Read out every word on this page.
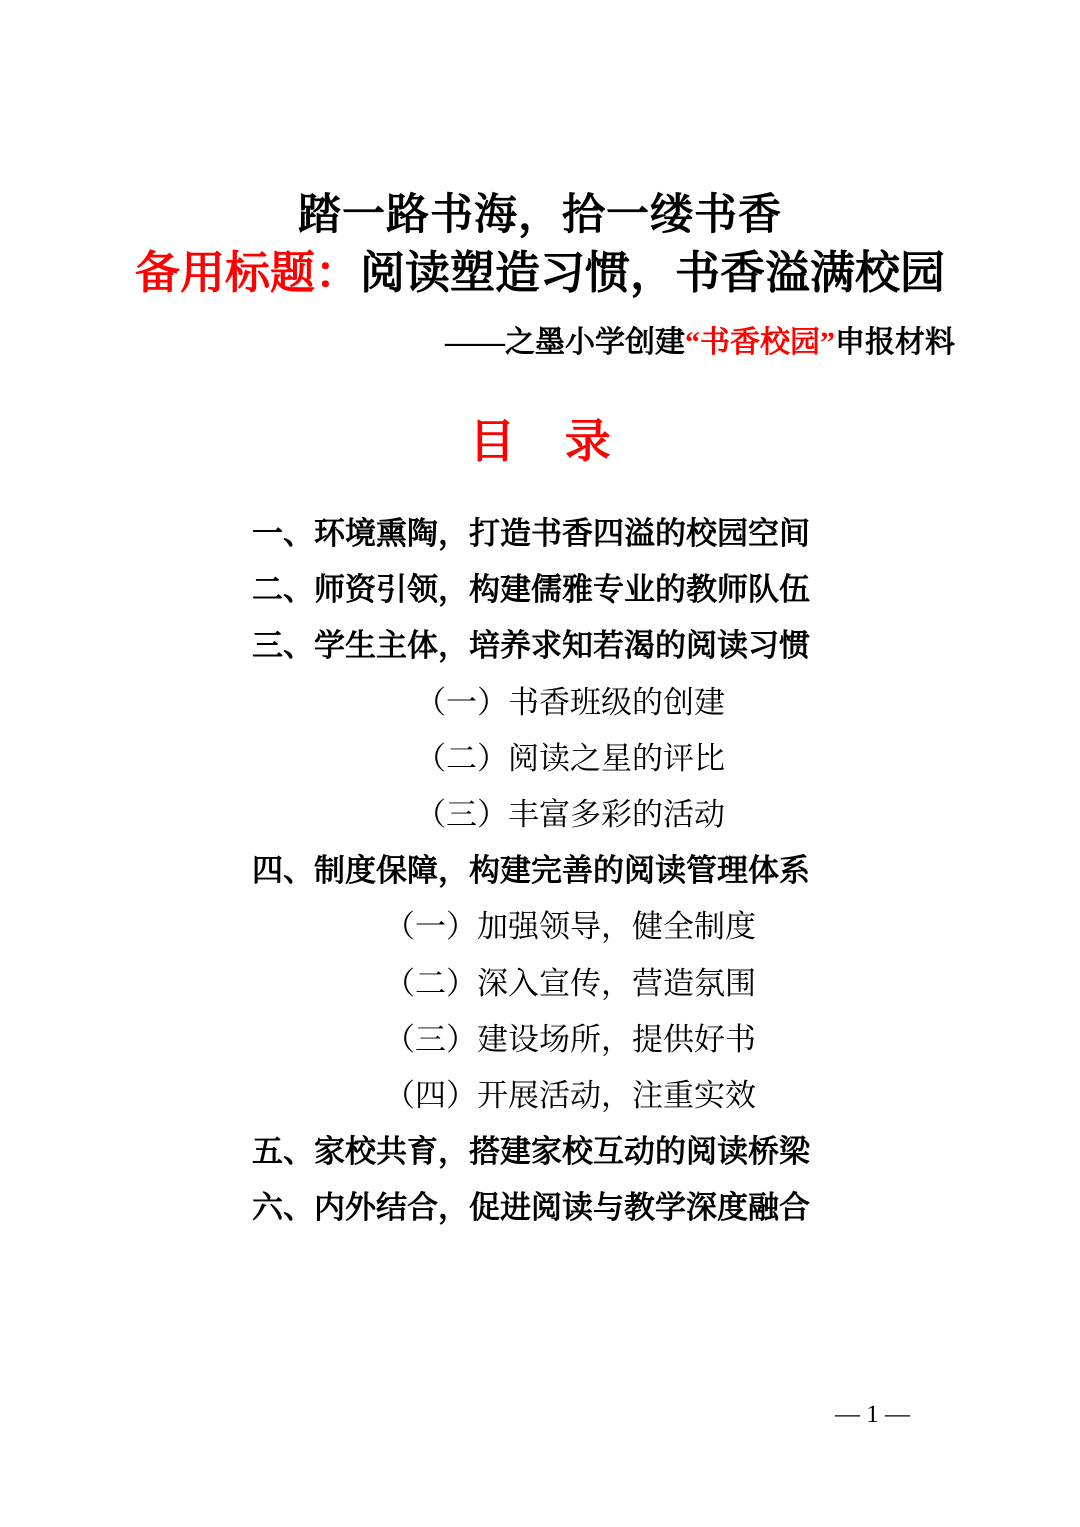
踏一路书海，拾一缕书香
备用标题：阅读塑造习惯，书香溢满校园

——之墨小学创建“书香校园”申报材料

目 录
一、环境熏陶，打造书香四溢的校园空间
二、师资引领，构建儒雅专业的教师队伍
三、学生主体，培养求知若渴的阅读习惯
（一）书香班级的创建
（二）阅读之星的评比
（三）丰富多彩的活动
四、制度保障，构建完善的阅读管理体系
（一）加强领导，健全制度
（二）深入宣传，营造氛围
（三）建设场所，提供好书
（四）开展活动，注重实效
五、家校共育，搭建家校互动的阅读桥梁
六、内外结合，促进阅读与教学深度融合
— 1 —
